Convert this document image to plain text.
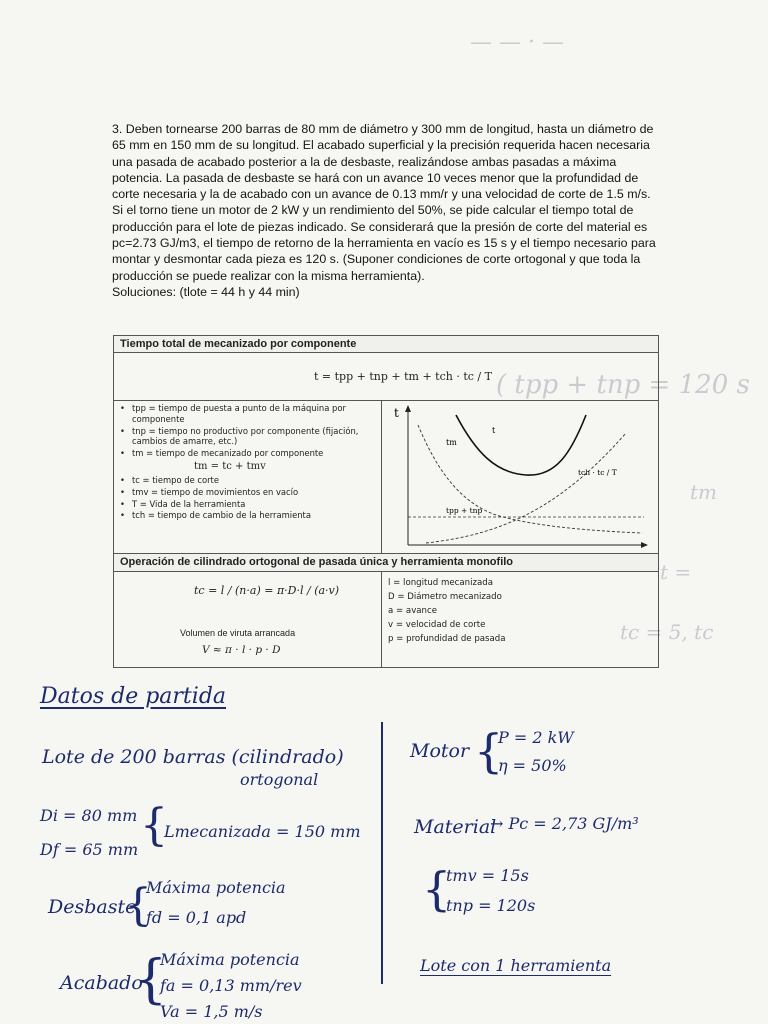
— — · —
( tpp + tnp = 120 s
tm
t =
tc = 5, tc

3. Deben tornearse 200 barras de 80 mm de diámetro y 300 mm de longitud, hasta un diámetro de 65 mm en 150 mm de su longitud. El acabado superficial y la precisión requerida hacen necesaria una pasada de acabado posterior a la de desbaste, realizándose ambas pasadas a máxima potencia. La pasada de desbaste se hará con un avance 10 veces menor que la profundidad de corte necesaria y la de acabado con un avance de 0.13 mm/r y una velocidad de corte de 1.5 m/s.

Si el torno tiene un motor de 2 kW y un rendimiento del 50%, se pide calcular el tiempo total de producción para el lote de piezas indicado. Se considerará que la presión de corte del material es pc=2.73 GJ/m3, el tiempo de retorno de la herramienta en vacío es 15 s y el tiempo necesario para montar y desmontar cada pieza es 120 s. (Suponer condiciones de corte ortogonal y que toda la producción se puede realizar con la misma herramienta).

Soluciones: (tlote = 44 h y 44 min)

Tiempo total de mecanizado por componente
t = tpp + tnp + tm + tch · tc / T
• tpp = tiempo de puesta a punto de la máquina por componente
• tnp = tiempo no productivo por componente (fijación, cambios de amarre, etc.)
• tm = tiempo de mecanizado por componente
tm = tc + tmv
• tc = tiempo de corte
• tmv = tiempo de movimientos en vacío
• T = Vida de la herramienta
• tch = tiempo de cambio de la herramienta
t
t
tm
tch · tc / T
tpp + tnp
Operación de cilindrado ortogonal de pasada única y herramienta monofilo
tc = l / (n·a) = π·D·l / (a·v)
Volumen de viruta arrancada
V ≈ π · l · p · D
l = longitud mecanizada
D = Diámetro mecanizado
a = avance
v = velocidad de corte
p = profundidad de pasada
Datos de partida
Lote de 200 barras (cilindrado)
ortogonal
Di = 80 mm
Df = 65 mm {
Lmecanizada = 150 mm
Desbaste
{
Máxima potencia
fd = 0,1 apd
Acabado
{
Máxima potencia
fa = 0,13 mm/rev
Va = 1,5 m/s
Motor {
P = 2 kW
η = 50%
Material
→ Pc = 2,73 GJ/m³
{
tmv = 15s
tnp = 120s
Lote con 1 herramienta
